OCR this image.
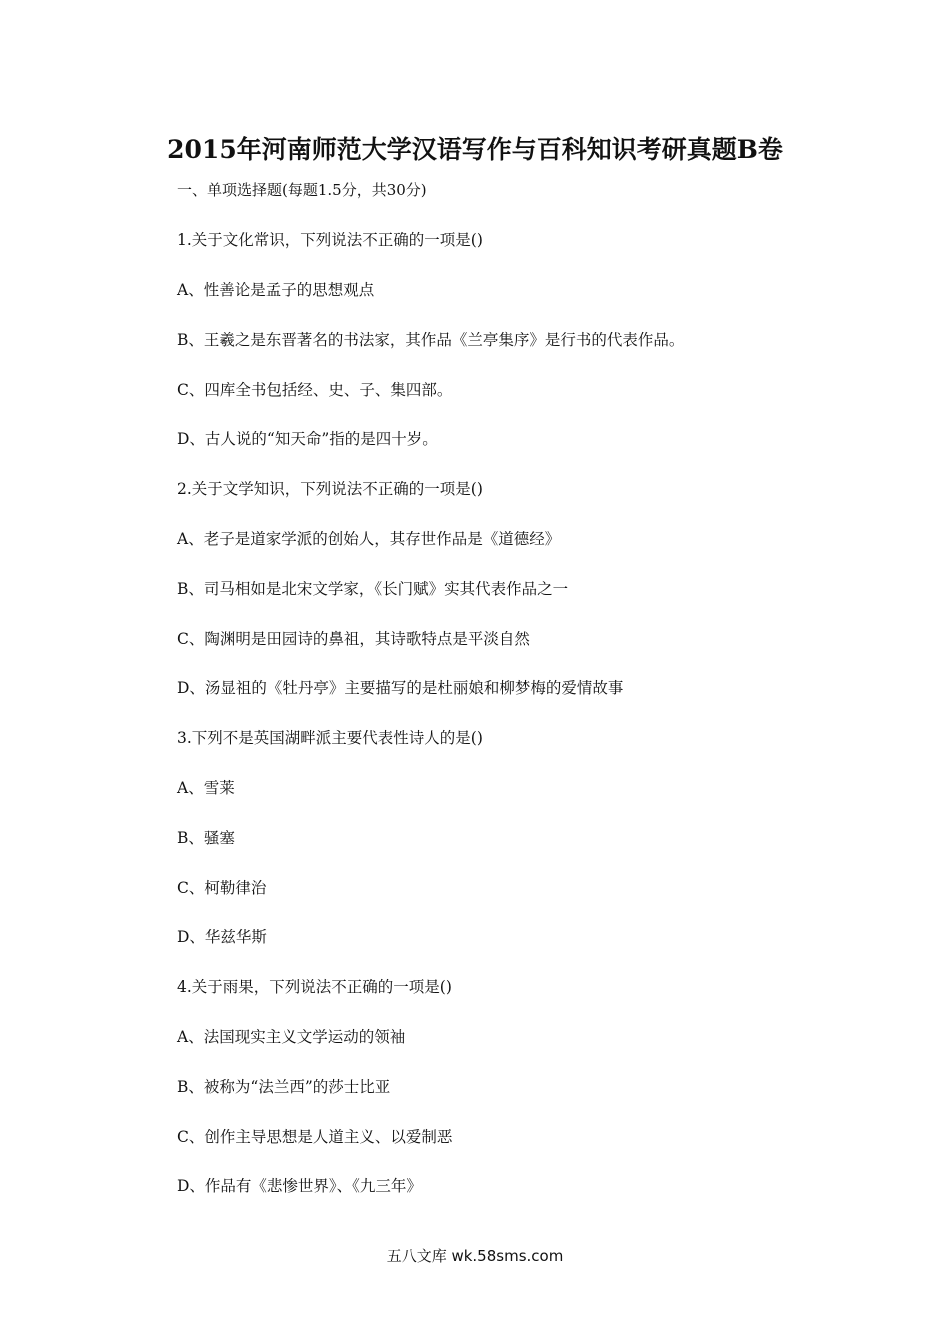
2015年河南师范大学汉语写作与百科知识考研真题B卷
一、单项选择题(每题1.5分，共30分)
1.关于文化常识，下列说法不正确的一项是()
A、性善论是孟子的思想观点
B、王羲之是东晋著名的书法家，其作品《兰亭集序》是行书的代表作品。
C、四库全书包括经、史、子、集四部。
D、古人说的“知天命”指的是四十岁。
2.关于文学知识，下列说法不正确的一项是()
A、老子是道家学派的创始人，其存世作品是《道德经》
B、司马相如是北宋文学家，《长门赋》实其代表作品之一
C、陶渊明是田园诗的鼻祖，其诗歌特点是平淡自然
D、汤显祖的《牡丹亭》主要描写的是杜丽娘和柳梦梅的爱情故事
3.下列不是英国湖畔派主要代表性诗人的是()
A、雪莱
B、骚塞
C、柯勒律治
D、华兹华斯
4.关于雨果，下列说法不正确的一项是()
A、法国现实主义文学运动的领袖
B、被称为“法兰西”的莎士比亚
C、创作主导思想是人道主义、以爱制恶
D、作品有《悲惨世界》、《九三年》
五八文库 wk.58sms.com
